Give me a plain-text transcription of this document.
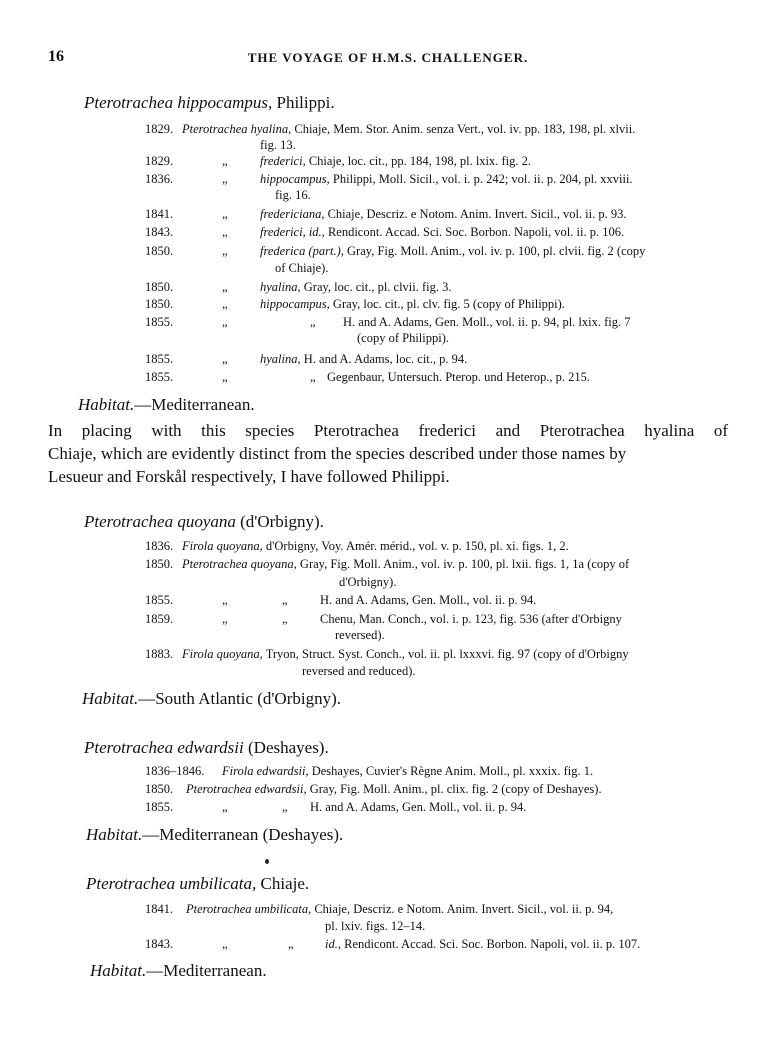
16	THE VOYAGE OF H.M.S. CHALLENGER.
Pterotrachea hippocampus, Philippi.
1829. Pterotrachea hyalina, Chiaje, Mem. Stor. Anim. senza Vert., vol. iv. pp. 183, 198, pl. xlvii.
fig. 13.
1829.	„	frederici, Chiaje, loc. cit., pp. 184, 198, pl. lxix. fig. 2.
1836.	„	hippocampus, Philippi, Moll. Sicil., vol. i. p. 242; vol. ii. p. 204, pl. xxviii.
fig. 16.
1841.	„	fredericiana, Chiaje, Descriz. e Notom. Anim. Invert. Sicil., vol. ii. p. 93.
1843.	„	frederici, id., Rendicont. Accad. Sci. Soc. Borbon. Napoli, vol. ii. p. 106.
1850.	„	frederica (part.), Gray, Fig. Moll. Anim., vol. iv. p. 100, pl. clvii. fig. 2 (copy
of Chiaje).
1850.	„	hyalina, Gray, loc. cit., pl. clvii. fig. 3.
1850.	„	hippocampus, Gray, loc. cit., pl. clv. fig. 5 (copy of Philippi).
1855.	„	„ H. and A. Adams, Gen. Moll., vol. ii. p. 94, pl. lxix. fig. 7
(copy of Philippi).
1855.	„	hyalina, H. and A. Adams, loc. cit., p. 94.
1855.	„	„ Gegenbaur, Untersuch. Pterop. und Heterop., p. 215.
Habitat.—Mediterranean.
In placing with this species Pterotrachea frederici and Pterotrachea hyalina of
Chiaje, which are evidently distinct from the species described under those names by
Lesueur and Forskål respectively, I have followed Philippi.
Pterotrachea quoyana (d'Orbigny).
1836. Firola quoyana, d'Orbigny, Voy. Amér. mérid., vol. v. p. 150, pl. xi. figs. 1, 2.
1850. Pterotrachea quoyana, Gray, Fig. Moll. Anim., vol. iv. p. 100, pl. lxii. figs. 1, 1a (copy of
d'Orbigny).
1855.	„	„	H. and A. Adams, Gen. Moll., vol. ii. p. 94.
1859.	„	„	Chenu, Man. Conch., vol. i. p. 123, fig. 536 (after d'Orbigny
reversed).
1883. Firola quoyana, Tryon, Struct. Syst. Conch., vol. ii. pl. lxxxvi. fig. 97 (copy of d'Orbigny
reversed and reduced).
Habitat.—South Atlantic (d'Orbigny).
Pterotrachea edwardsii (Deshayes).
1836–1846. Firola edwardsii, Deshayes, Cuvier's Règne Anim. Moll., pl. xxxix. fig. 1.
1850. Pterotrachea edwardsii, Gray, Fig. Moll. Anim., pl. clix. fig. 2 (copy of Deshayes).
1855.	„	„ H. and A. Adams, Gen. Moll., vol. ii. p. 94.
Habitat.—Mediterranean (Deshayes).
Pterotrachea umbilicata, Chiaje.
1841. Pterotrachea umbilicata, Chiaje, Descriz. e Notom. Anim. Invert. Sicil., vol. ii. p. 94,
pl. lxiv. figs. 12–14.
1843.	„	„	id., Rendicont. Accad. Sci. Soc. Borbon. Napoli, vol. ii. p. 107.
Habitat.—Mediterranean.
